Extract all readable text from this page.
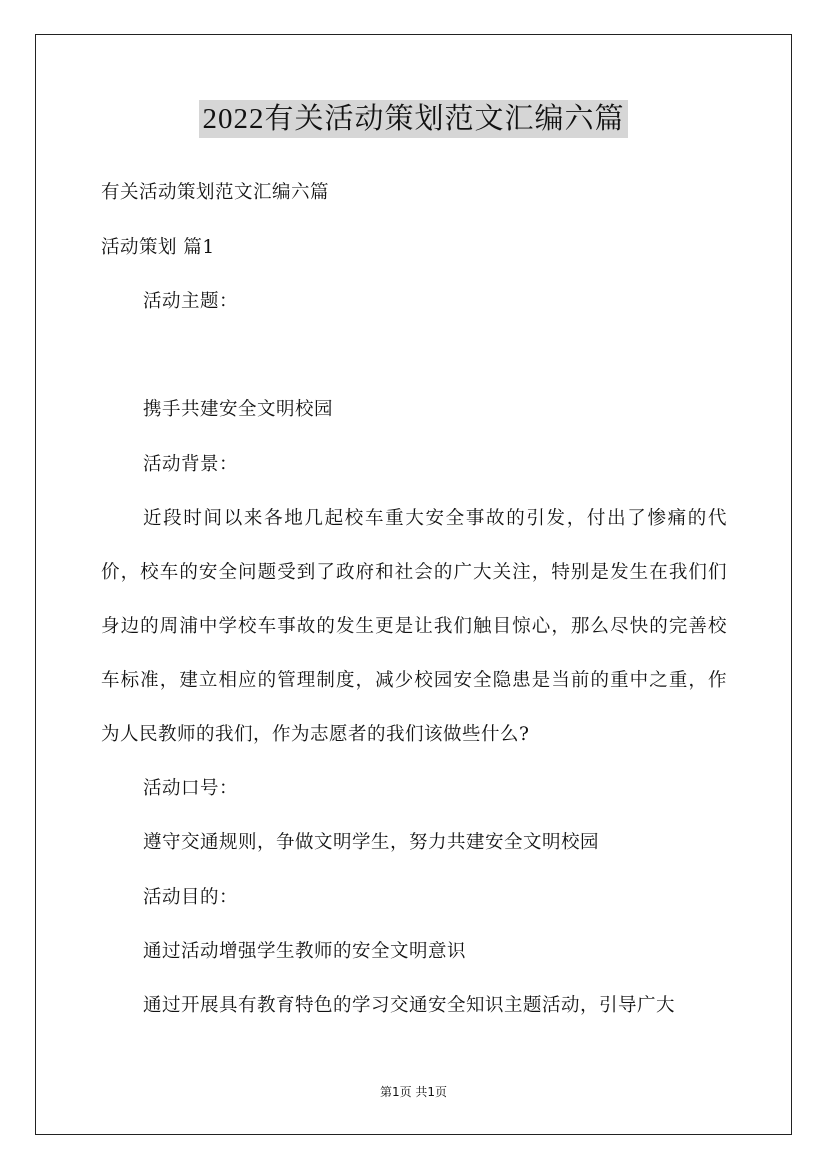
2022有关活动策划范文汇编六篇
有关活动策划范文汇编六篇
活动策划 篇1
活动主题：
携手共建安全文明校园
活动背景：
近段时间以来各地几起校车重大安全事故的引发，付出了惨痛的代价，校车的安全问题受到了政府和社会的广大关注，特别是发生在我们们身边的周浦中学校车事故的发生更是让我们触目惊心，那么尽快的完善校车标准，建立相应的管理制度，减少校园安全隐患是当前的重中之重，作为人民教师的我们，作为志愿者的我们该做些什么?
活动口号：
遵守交通规则，争做文明学生，努力共建安全文明校园
活动目的：
通过活动增强学生教师的安全文明意识
通过开展具有教育特色的学习交通安全知识主题活动，引导广大
第1页 共1页
